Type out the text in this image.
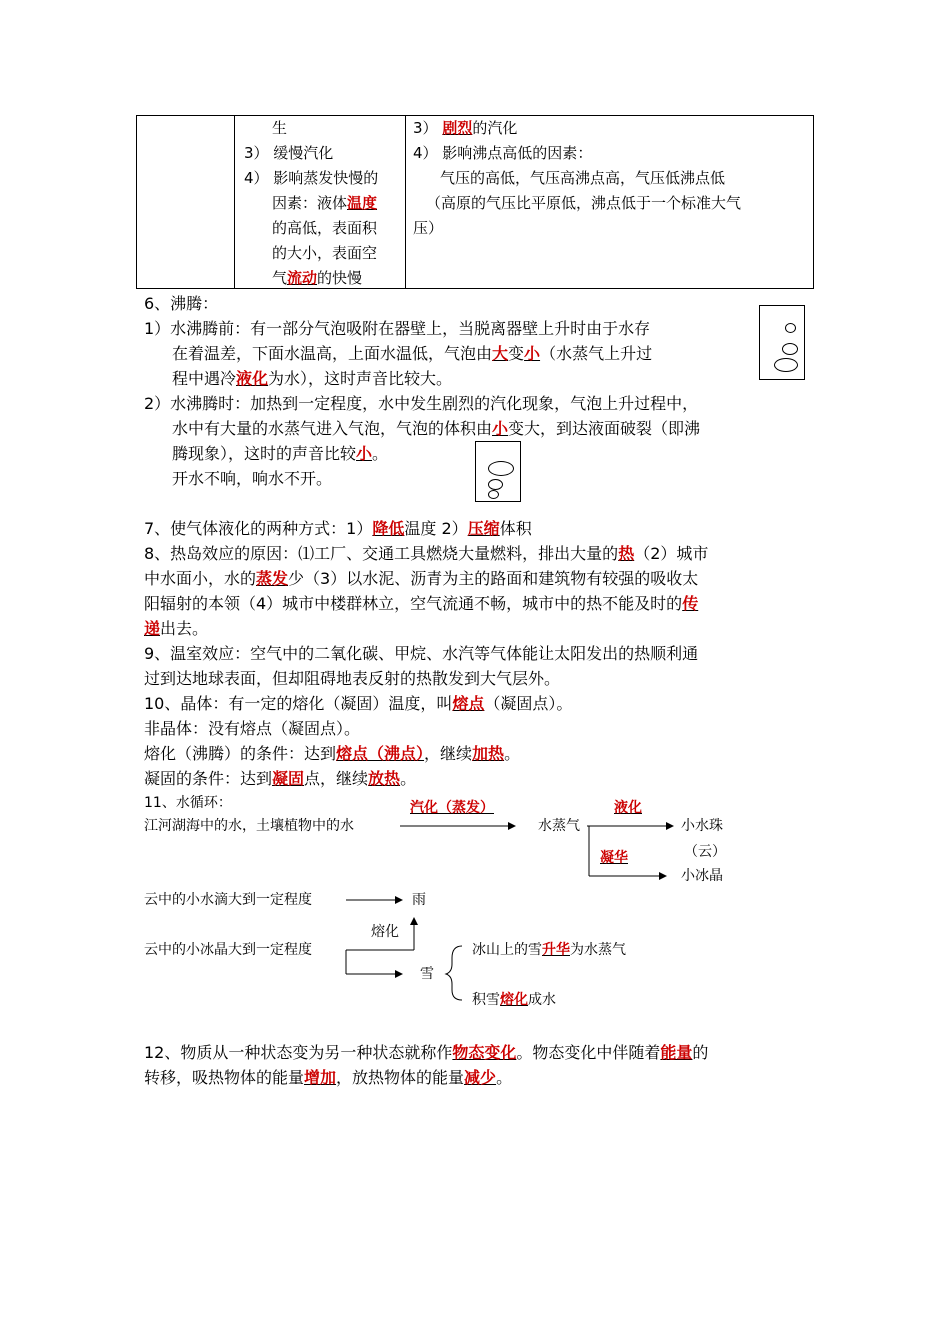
生
3） 缓慢汽化
4） 影响蒸发快慢的
因素：液体温度
的高低，表面积
的大小，表面空
气流动的快慢
3） 剧烈的汽化
4） 影响沸点高低的因素：
气压的高低，气压高沸点高，气压低沸点低
（高原的气压比平原低，沸点低于一个标准大气
压）
6、沸腾：
1）水沸腾前：有一部分气泡吸附在器壁上，当脱离器壁上升时由于水存
在着温差，下面水温高，上面水温低，气泡由大变小（水蒸气上升过
程中遇冷液化为水），这时声音比较大。
2）水沸腾时：加热到一定程度，水中发生剧烈的汽化现象，气泡上升过程中，
水中有大量的水蒸气进入气泡，气泡的体积由小变大，到达液面破裂（即沸
腾现象），这时的声音比较小。
开水不响，响水不开。
7、使气体液化的两种方式：1）降低温度 2）压缩体积
8、热岛效应的原因：⑴工厂、交通工具燃烧大量燃料，排出大量的热（2）城市
中水面小，水的蒸发少（3）以水泥、沥青为主的路面和建筑物有较强的吸收太
阳辐射的本领（4）城市中楼群林立，空气流通不畅，城市中的热不能及时的传
递出去。
9、温室效应：空气中的二氧化碳、甲烷、水汽等气体能让太阳发出的热顺利通
过到达地球表面，但却阻碍地表反射的热散发到大气层外。
10、晶体：有一定的熔化（凝固）温度，叫熔点（凝固点）。
非晶体：没有熔点（凝固点）。
熔化（沸腾）的条件：达到熔点（沸点），继续加热。
凝固的条件：达到凝固点，继续放热。
11、水循环：
江河湖海中的水，土壤植物中的水
汽化（蒸发）
水蒸气
液化
小水珠
（云）
凝华
小冰晶
云中的小水滴大到一定程度	雨
熔化
云中的小冰晶大到一定程度
雪
冰山上的雪升华为水蒸气
积雪熔化成水
12、物质从一种状态变为另一种状态就称作物态变化。物态变化中伴随着能量的
转移，吸热物体的能量增加，放热物体的能量减少。
